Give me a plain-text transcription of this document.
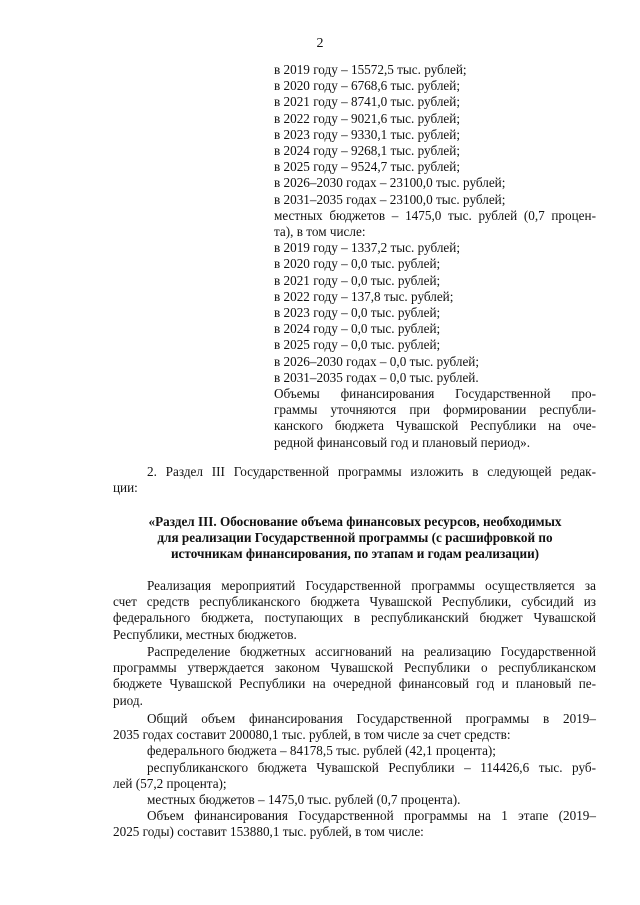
2
в 2019 году – 15572,5 тыс. рублей;
в 2020 году – 6768,6 тыс. рублей;
в 2021 году – 8741,0 тыс. рублей;
в 2022 году – 9021,6 тыс. рублей;
в 2023 году – 9330,1 тыс. рублей;
в 2024 году – 9268,1 тыс. рублей;
в 2025 году – 9524,7 тыс. рублей;
в 2026–2030 годах – 23100,0 тыс. рублей;
в 2031–2035 годах – 23100,0 тыс. рублей;
местных бюджетов – 1475,0 тыс. рублей (0,7 процен-
та), в том числе:
в 2019 году – 1337,2 тыс. рублей;
в 2020 году – 0,0 тыс. рублей;
в 2021 году – 0,0 тыс. рублей;
в 2022 году – 137,8 тыс. рублей;
в 2023 году – 0,0 тыс. рублей;
в 2024 году – 0,0 тыс. рублей;
в 2025 году – 0,0 тыс. рублей;
в 2026–2030 годах – 0,0 тыс. рублей;
в 2031–2035 годах – 0,0 тыс. рублей.
Объемы финансирования Государственной про-
граммы уточняются при формировании республи-
канского бюджета Чувашской Республики на оче-
редной финансовый год и плановый период».
2. Раздел III Государственной программы изложить в следующей редак-
ции:
«Раздел III. Обоснование объема финансовых ресурсов, необходимых
для реализации Государственной программы (с расшифровкой по
источникам финансирования, по этапам и годам реализации)
Реализация мероприятий Государственной программы осуществляется за
счет средств республиканского бюджета Чувашской Республики, субсидий из
федерального бюджета, поступающих в республиканский бюджет Чувашской
Республики, местных бюджетов.
Распределение бюджетных ассигнований на реализацию Государственной
программы утверждается законом Чувашской Республики о республиканском
бюджете Чувашской Республики на очередной финансовый год и плановый пе-
риод.
Общий объем финансирования Государственной программы в 2019–
2035 годах составит 200080,1 тыс. рублей, в том числе за счет средств:
федерального бюджета – 84178,5 тыс. рублей (42,1 процента);
республиканского бюджета Чувашской Республики – 114426,6 тыс. руб-
лей (57,2 процента);
местных бюджетов – 1475,0 тыс. рублей (0,7 процента).
Объем финансирования Государственной программы на 1 этапе (2019–
2025 годы) составит 153880,1 тыс. рублей, в том числе:
